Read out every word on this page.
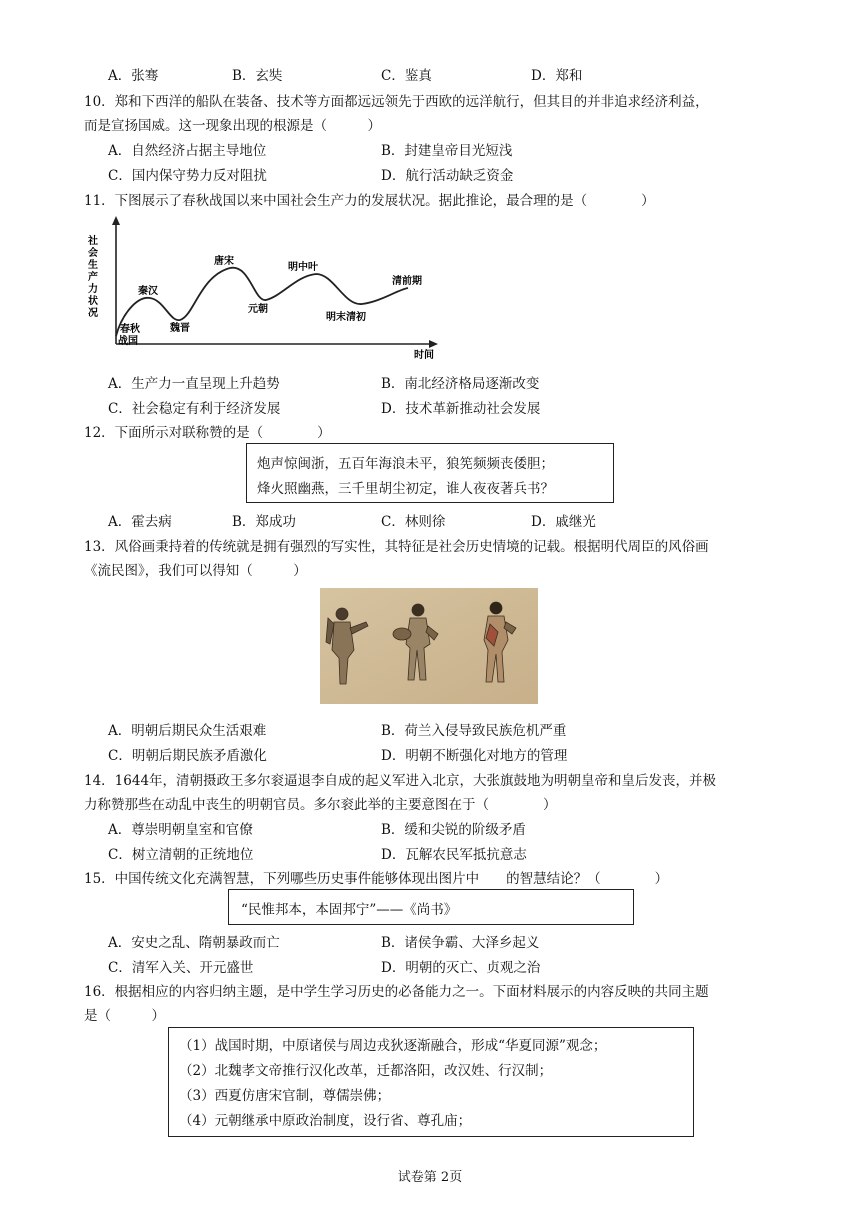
A．张骞	B．玄奘	C．鉴真	D．郑和
10．郑和下西洋的船队在装备、技术等方面都远远领先于西欧的远洋航行，但其目的并非追求经济利益，
而是宣扬国威。这一现象出现的根源是（　　　）
A．自然经济占据主导地位	B．封建皇帝目光短浅
C．国内保守势力反对阻扰	D．航行活动缺乏资金
11．下图展示了春秋战国以来中国社会生产力的发展状况。据此推论，最合理的是（　　　　）
社会生产力状况
时间
春秋战国
秦汉
魏晋
唐宋
元朝
明中叶
明末清初
清前期
A．生产力一直呈现上升趋势	B．南北经济格局逐渐改变
C．社会稳定有利于经济发展	D．技术革新推动社会发展
12．下面所示对联称赞的是（　　　　）
炮声惊闽浙，五百年海浪未平，狼筅频频丧倭胆；
烽火照幽燕，三千里胡尘初定，谁人夜夜著兵书？
A．霍去病	B．郑成功	C．林则徐	D．戚继光
13．风俗画秉持着的传统就是拥有强烈的写实性，其特征是社会历史情境的记载。根据明代周臣的风俗画
《流民图》，我们可以得知（　　　）
A．明朝后期民众生活艰难	B．荷兰入侵导致民族危机严重
C．明朝后期民族矛盾激化	D．明朝不断强化对地方的管理
14．1644年，清朝摄政王多尔衮逼退李自成的起义军进入北京，大张旗鼓地为明朝皇帝和皇后发丧，并极
力称赞那些在动乱中丧生的明朝官员。多尔衮此举的主要意图在于（　　　　）
A．尊崇明朝皇室和官僚	B．缓和尖锐的阶级矛盾
C．树立清朝的正统地位	D．瓦解农民军抵抗意志
15．中国传统文化充满智慧，下列哪些历史事件能够体现出图片中　　的智慧结论？（　　　　）
“民惟邦本，本固邦宁”——《尚书》
A．安史之乱、隋朝暴政而亡	B．诸侯争霸、大泽乡起义
C．清军入关、开元盛世	D．明朝的灭亡、贞观之治
16．根据相应的内容归纳主题，是中学生学习历史的必备能力之一。下面材料展示的内容反映的共同主题
是（　　　）
（1）战国时期，中原诸侯与周边戎狄逐渐融合，形成“华夏同源”观念；
（2）北魏孝文帝推行汉化改革，迁都洛阳，改汉姓、行汉制；
（3）西夏仿唐宋官制，尊儒崇佛；
（4）元朝继承中原政治制度，设行省、尊孔庙；
试卷第 2页
